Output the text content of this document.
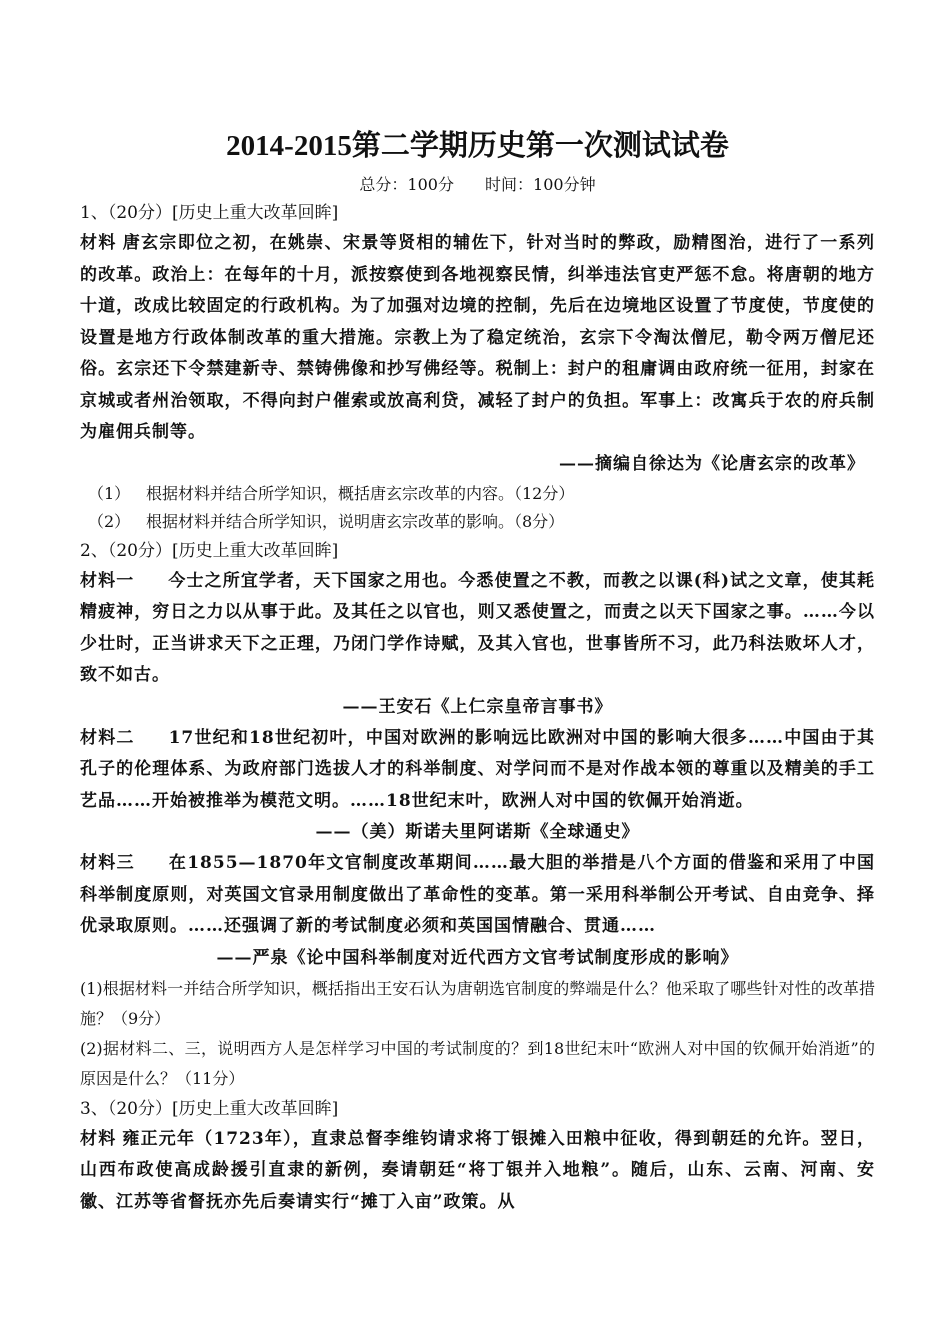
2014-2015第二学期历史第一次测试试卷

总分：100分 时间：100分钟

1、（20分）[历史上重大改革回眸]

材料 唐玄宗即位之初，在姚崇、宋景等贤相的辅佐下，针对当时的弊政，励精图治，进行了一系列的改革。政治上：在每年的十月，派按察使到各地视察民情，纠举违法官吏严惩不怠。将唐朝的地方十道，改成比较固定的行政机构。为了加强对边境的控制，先后在边境地区设置了节度使，节度使的设置是地方行政体制改革的重大措施。宗教上为了稳定统治，玄宗下令淘汰僧尼，勒令两万僧尼还俗。玄宗还下令禁建新寺、禁铸佛像和抄写佛经等。税制上：封户的租庸调由政府统一征用，封家在京城或者州治领取，不得向封户催索或放高利贷，减轻了封户的负担。军事上：改寓兵于农的府兵制为雇佣兵制等。

——摘编自徐达为《论唐玄宗的改革》

（1） 根据材料并结合所学知识，概括唐玄宗改革的内容。（12分）

（2） 根据材料并结合所学知识，说明唐玄宗改革的影响。（8分）

2、（20分）[历史上重大改革回眸]

材料一 今士之所宜学者，天下国家之用也。今悉使置之不教，而教之以课(科)试之文章，使其耗精疲神，穷日之力以从事于此。及其任之以官也，则又悉使置之，而责之以天下国家之事。……今以少壮时，正当讲求天下之正理，乃闭门学作诗赋，及其入官也，世事皆所不习，此乃科法败坏人才，致不如古。

——王安石《上仁宗皇帝言事书》

材料二 17世纪和18世纪初叶，中国对欧洲的影响远比欧洲对中国的影响大很多……中国由于其孔子的伦理体系、为政府部门选拔人才的科举制度、对学问而不是对作战本领的尊重以及精美的手工艺品……开始被推举为模范文明。……18世纪末叶，欧洲人对中国的钦佩开始消逝。

——（美）斯诺夫里阿诺斯《全球通史》

材料三 在1855—1870年文官制度改革期间……最大胆的举措是八个方面的借鉴和采用了中国科举制度原则，对英国文官录用制度做出了革命性的变革。第一采用科举制公开考试、自由竞争、择优录取原则。……还强调了新的考试制度必须和英国国情融合、贯通……

——严泉《论中国科举制度对近代西方文官考试制度形成的影响》

(1)根据材料一并结合所学知识，概括指出王安石认为唐朝选官制度的弊端是什么？他采取了哪些针对性的改革措施？（9分）

(2)据材料二、三，说明西方人是怎样学习中国的考试制度的？到18世纪末叶“欧洲人对中国的钦佩开始消逝”的原因是什么？（11分）

3、（20分）[历史上重大改革回眸]

材料 雍正元年（1723年），直隶总督李维钧请求将丁银摊入田粮中征收，得到朝廷的允许。翌日，山西布政使高成龄援引直隶的新例，奏请朝廷“将丁银并入地粮”。随后，山东、云南、河南、安徽、江苏等省督抚亦先后奏请实行“摊丁入亩”政策。从
